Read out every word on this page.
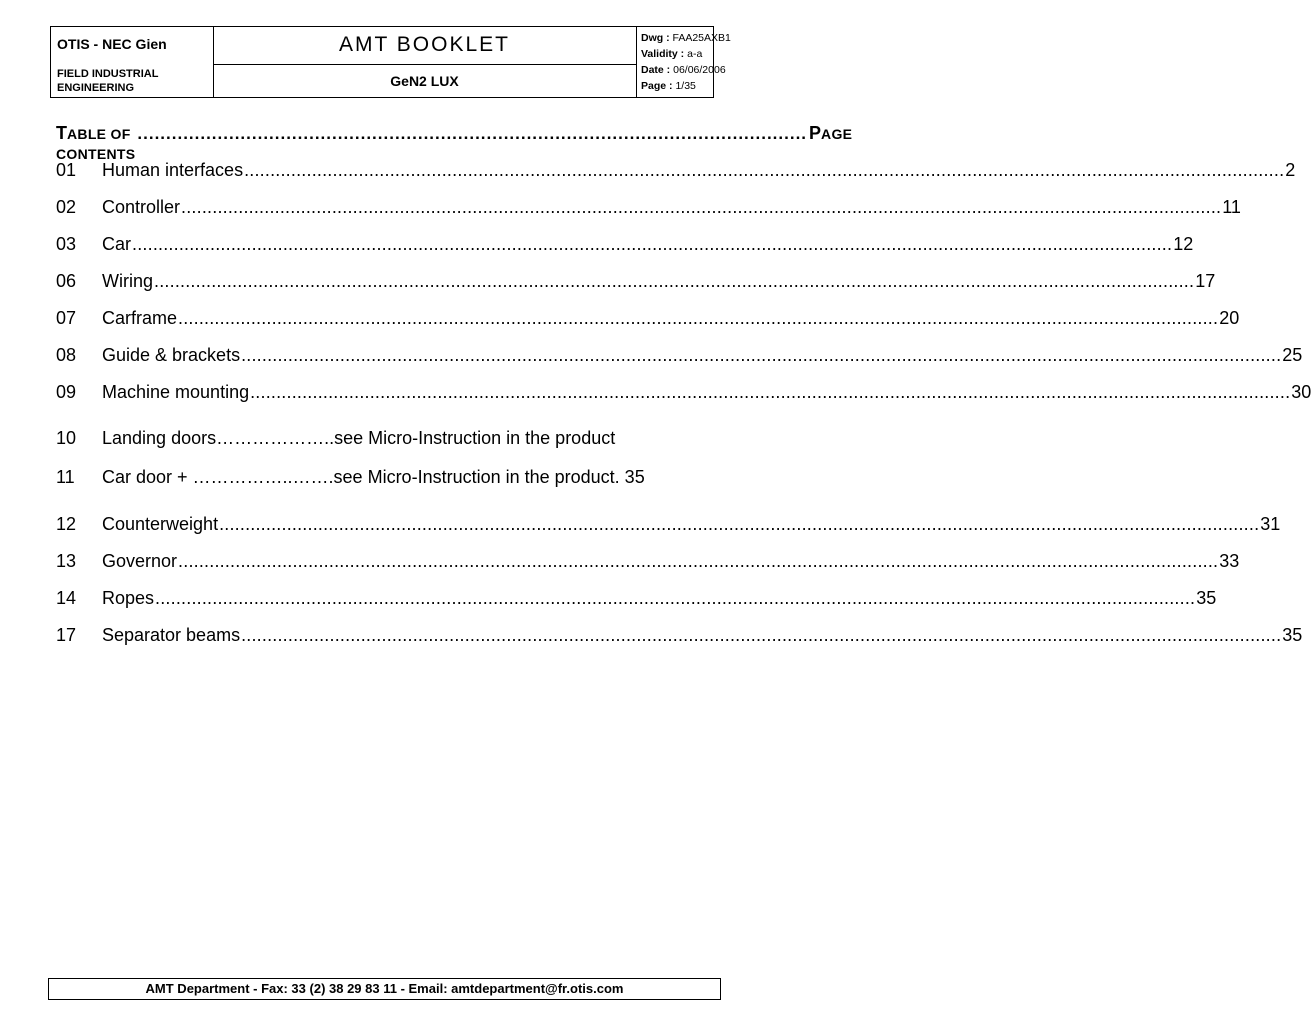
OTIS - NEC Gien
FIELD INDUSTRIAL
ENGINEERING
AMT BOOKLET
GeN2 LUX
Dwg : FAA25AXB1
Validity : a-a
Date : 06/06/2006
Page : 1/35
TABLE OF CONTENTS
..................................................................................................................... PAGE
01	Human interfaces ........................................................................................................................................................................................................ 2
02	Controller ........................................................................................................................................................................................................ 11
03	Car ........................................................................................................................................................................................................ 12
06	Wiring ........................................................................................................................................................................................................ 17
07	Carframe ........................................................................................................................................................................................................ 20
08	Guide & brackets ........................................................................................................................................................................................................ 25
09	Machine mounting ........................................................................................................................................................................................................ 30
10	Landing doors………………..see Micro-Instruction in the product
11	Car door + ……………..…….see Micro-Instruction in the product. 35
12	Counterweight ........................................................................................................................................................................................................ 31
13	Governor ........................................................................................................................................................................................................ 33
14	Ropes ........................................................................................................................................................................................................ 35
17	Separator beams ........................................................................................................................................................................................................ 35
AMT Department - Fax: 33 (2) 38 29 83 11 - Email: amtdepartment@fr.otis.com
